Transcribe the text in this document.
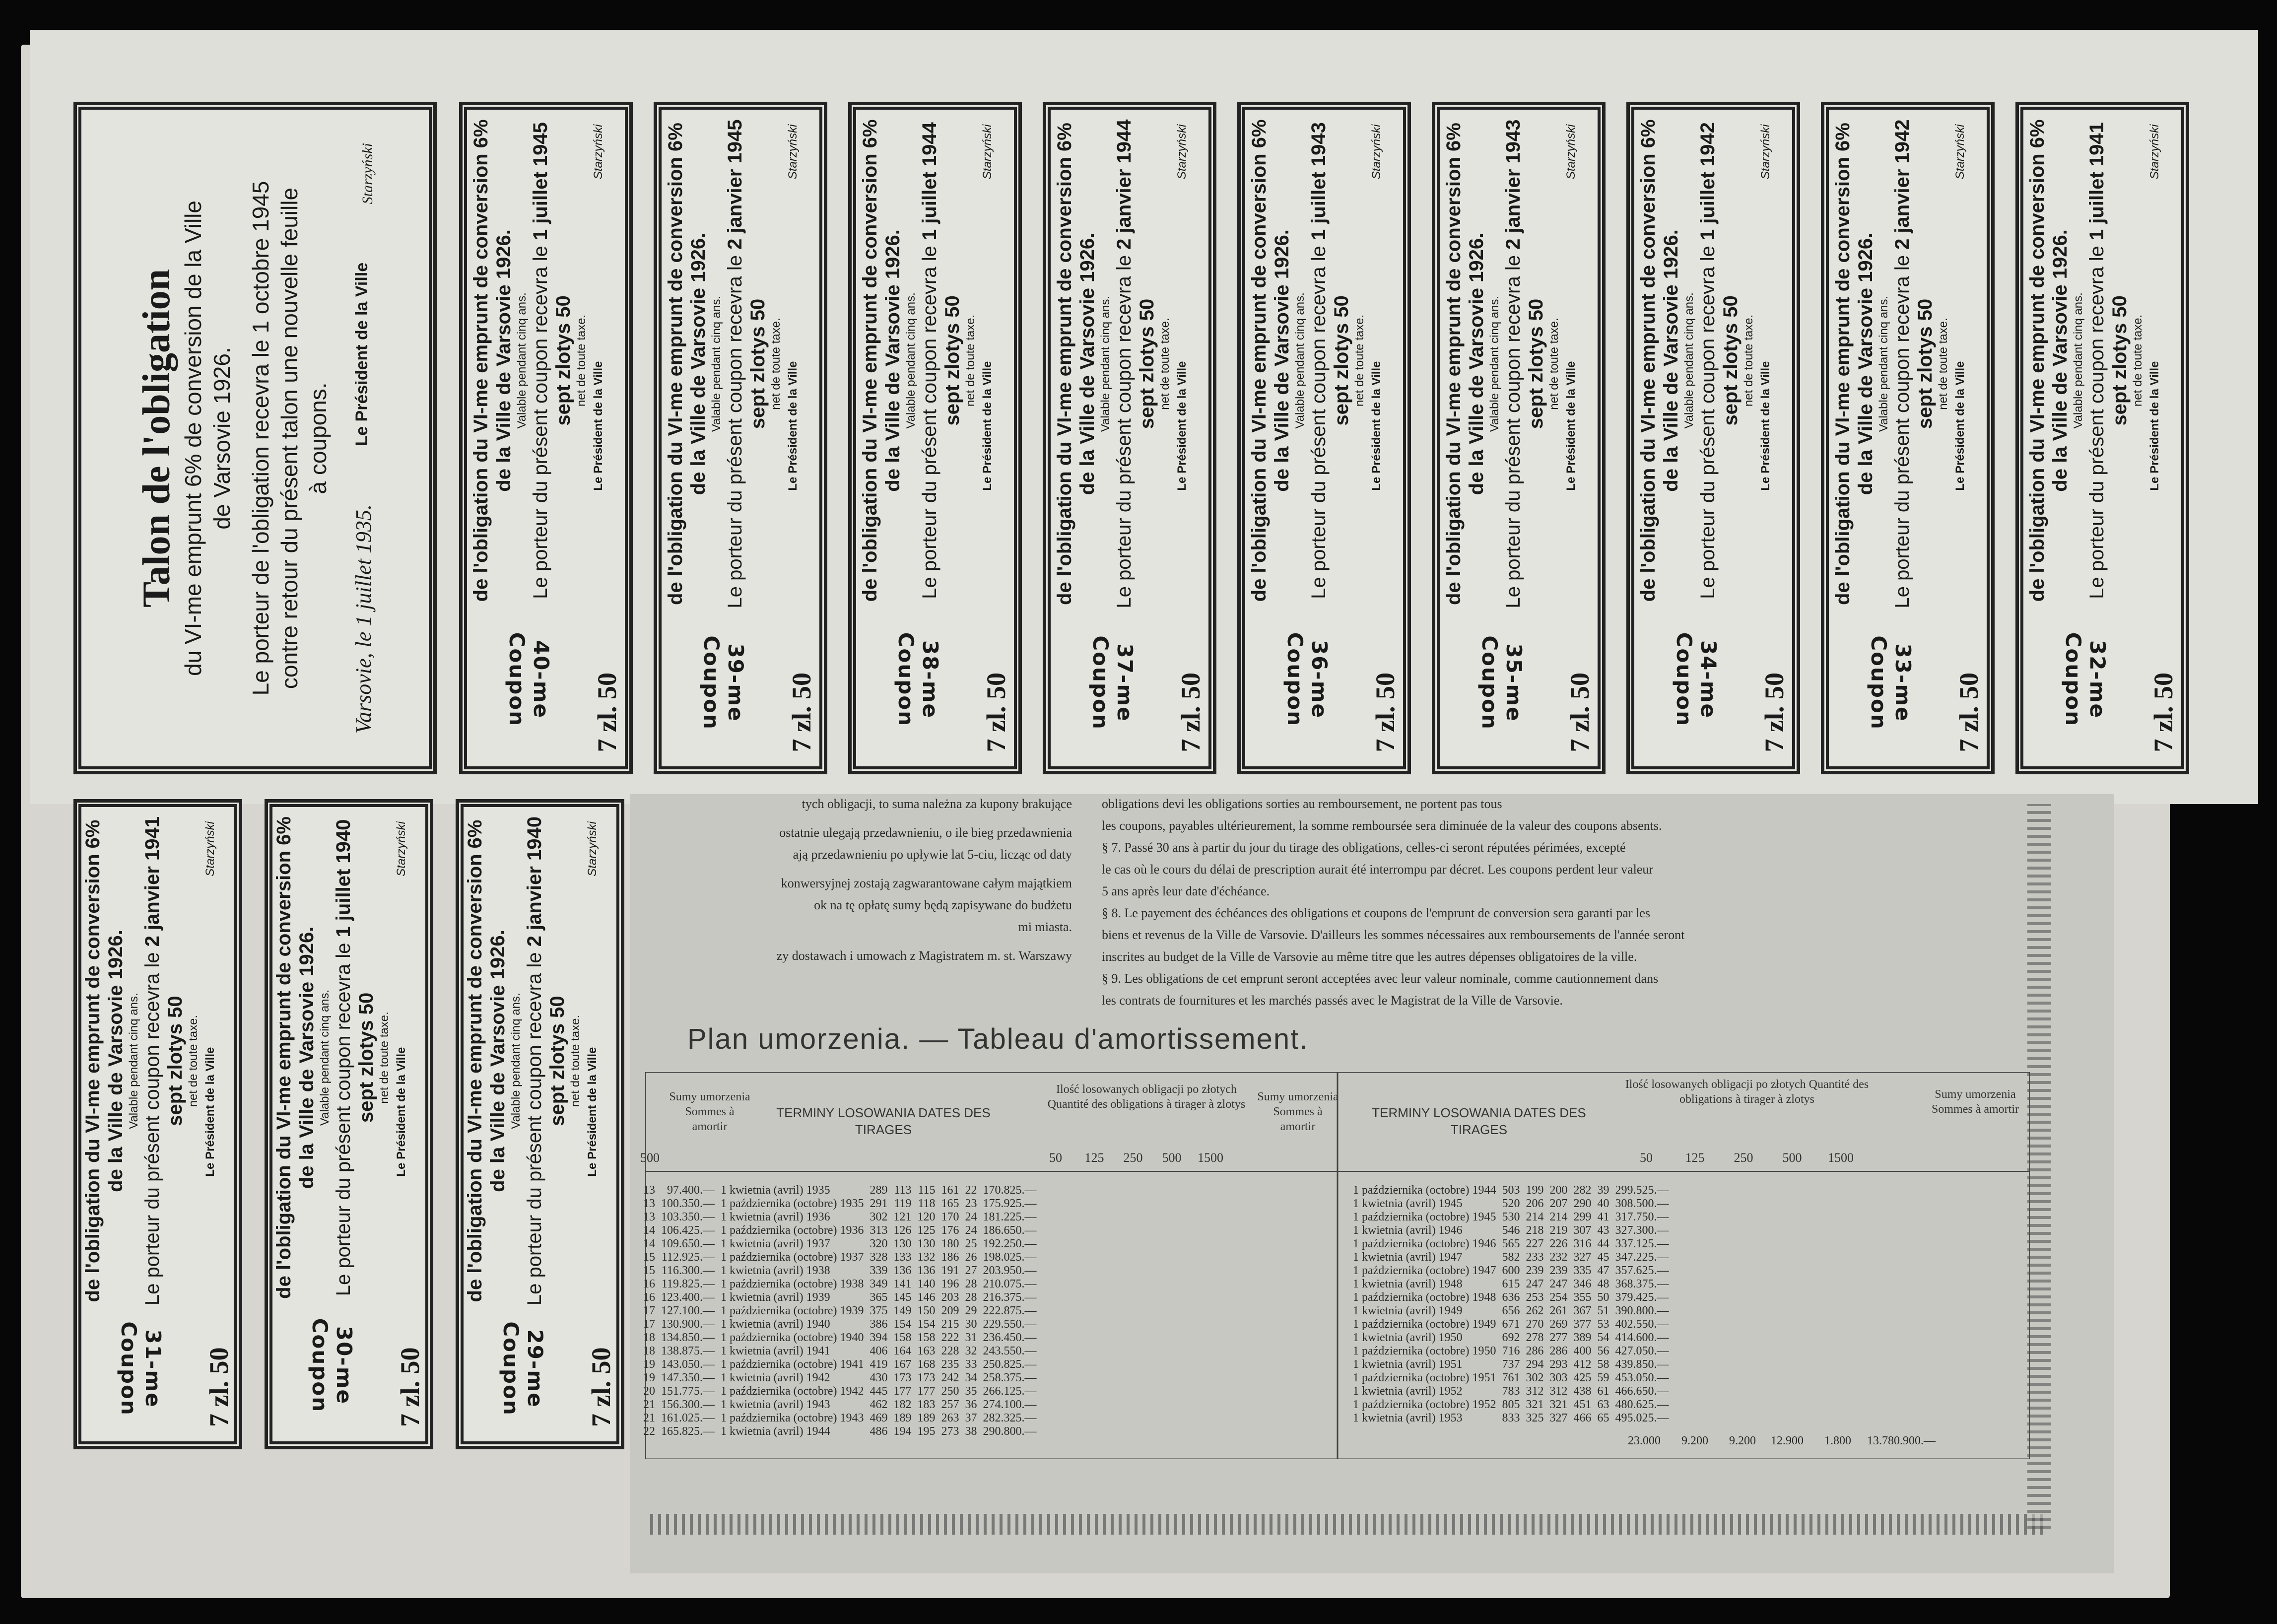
Talon de l'obligation du VI-me emprunt 6% de conversion de la Ville de Varsovie 1926. Le porteur de l'obligation recevra le 1 octobre 1945 contre retour du présent talon une nouvelle feuille à coupons.
Varsovie, le 1 juillet 1935.
Le Président de la Ville
Starzyński
40-me Coupon
de l'obligation du VI-me emprunt de conversion 6% de la Ville de Varsovie 1926. Valable pendant cinq ans. Le porteur du présent coupon recevra le 1 juillet 1945
sept zlotys 50 net de toute taxe.
7 zl. 50
Le Président de la Ville
Starzyński
39-me Coupon
de l'obligation du VI-me emprunt de conversion 6% de la Ville de Varsovie 1926. Valable pendant cinq ans. Le porteur du présent coupon recevra le 2 janvier 1945
sept zlotys 50 net de toute taxe.
7 zl. 50
Le Président de la Ville
Starzyński
38-me Coupon
de l'obligation du VI-me emprunt de conversion 6% de la Ville de Varsovie 1926. Valable pendant cinq ans. Le porteur du présent coupon recevra le 1 juillet 1944
sept zlotys 50 net de toute taxe.
7 zl. 50
Le Président de la Ville
Starzyński
37-me Coupon
de l'obligation du VI-me emprunt de conversion 6% de la Ville de Varsovie 1926. Valable pendant cinq ans. Le porteur du présent coupon recevra le 2 janvier 1944
sept zlotys 50 net de toute taxe.
7 zl. 50
Le Président de la Ville
Starzyński
36-me Coupon
de l'obligation du VI-me emprunt de conversion 6% de la Ville de Varsovie 1926. Valable pendant cinq ans. Le porteur du présent coupon recevra le 1 juillet 1943
sept zlotys 50 net de toute taxe.
7 zl. 50
Le Président de la Ville
Starzyński
35-me Coupon
de l'obligation du VI-me emprunt de conversion 6% de la Ville de Varsovie 1926. Valable pendant cinq ans. Le porteur du présent coupon recevra le 2 janvier 1943
sept zlotys 50 net de toute taxe.
7 zl. 50
Le Président de la Ville
Starzyński
34-me Coupon
de l'obligation du VI-me emprunt de conversion 6% de la Ville de Varsovie 1926. Valable pendant cinq ans. Le porteur du présent coupon recevra le 1 juillet 1942
sept zlotys 50 net de toute taxe.
7 zl. 50
Le Président de la Ville
Starzyński
33-me Coupon
de l'obligation du VI-me emprunt de conversion 6% de la Ville de Varsovie 1926. Valable pendant cinq ans. Le porteur du présent coupon recevra le 2 janvier 1942
sept zlotys 50 net de toute taxe.
7 zl. 50
Le Président de la Ville
Starzyński
32-me Coupon
de l'obligation du VI-me emprunt de conversion 6% de la Ville de Varsovie 1926. Valable pendant cinq ans. Le porteur du présent coupon recevra le 1 juillet 1941
sept zlotys 50 net de toute taxe.
7 zl. 50
Le Président de la Ville
Starzyński
31-me Coupon
de l'obligation du VI-me emprunt de conversion 6% de la Ville de Varsovie 1926. Valable pendant cinq ans. Le porteur du présent coupon recevra le 2 janvier 1941
sept zlotys 50 net de toute taxe.
7 zl. 50
Le Président de la Ville
Starzyński
30-me Coupon
de l'obligation du VI-me emprunt de conversion 6% de la Ville de Varsovie 1926. Valable pendant cinq ans. Le porteur du présent coupon recevra le 1 juillet 1940
sept zlotys 50 net de toute taxe.
7 zl. 50
Le Président de la Ville
Starzyński
29-me Coupon
de l'obligation du VI-me emprunt de conversion 6% de la Ville de Varsovie 1926. Valable pendant cinq ans. Le porteur du présent coupon recevra le 2 janvier 1940
sept zlotys 50 net de toute taxe.
7 zl. 50
Le Président de la Ville
Starzyński
obligations devi les obligations sorties au remboursement, ne portent pas tous
les coupons, payables ultérieurement, la somme remboursée sera diminuée de la valeur des coupons absents.
§ 7. Passé 30 ans à partir du jour du tirage des obligations, celles-ci seront réputées périmées, excepté
le cas où le cours du délai de prescription aurait été interrompu par décret. Les coupons perdent leur valeur
5 ans après leur date d'échéance.
§ 8. Le payement des échéances des obligations et coupons de l'emprunt de conversion sera garanti par les
biens et revenus de la Ville de Varsovie. D'ailleurs les sommes nécessaires aux remboursements de l'année seront
inscrites au budget de la Ville de Varsovie au même titre que les autres dépenses obligatoires de la ville.
§ 9. Les obligations de cet emprunt seront acceptées avec leur valeur nominale, comme cautionnement dans
les contrats de fournitures et les marchés passés avec le Magistrat de la Ville de Varsovie.
tych obligacji, to suma należna za kupony brakujące
ostatnie ulegają przedawnieniu, o ile bieg przedawnienia
ają przedawnieniu po upływie lat 5-ciu, licząc od daty
konwersyjnej zostają zagwarantowane całym majątkiem
ok na tę opłatę sumy będą zapisywane do budżetu
mi miasta.
zy dostawach i umowach z Magistratem m. st. Warszawy
Plan umorzenia. — Tableau d'amortissement.
Sumy umorzenia Sommes à amortir
TERMINY LOSOWANIA DATES DES TIRAGES
Ilość losowanych obligacji po złotych Quantité des obligations à tirager à zlotys
Sumy umorzenia Sommes à amortir
TERMINY LOSOWANIA DATES DES TIRAGES
Ilość losowanych obligacji po złotych Quantité des obligations à tirager à zlotys	Sumy umorzenia Sommes à amortir
50	125	250	500	1500	50	125	250	500	1500
500
13	97.400.—	1 kwietnia (avril) 1935	289	113	115	161	22	170.825.—
13	100.350.—	1 października (octobre) 1935	291	119	118	165	23	175.925.—
13	103.350.—	1 kwietnia (avril) 1936	302	121	120	170	24	181.225.—
14	106.425.—	1 października (octobre) 1936	313	126	125	176	24	186.650.—
14	109.650.—	1 kwietnia (avril) 1937	320	130	130	180	25	192.250.—
15	112.925.—	1 października (octobre) 1937	328	133	132	186	26	198.025.—
15	116.300.—	1 kwietnia (avril) 1938	339	136	136	191	27	203.950.—
16	119.825.—	1 października (octobre) 1938	349	141	140	196	28	210.075.—
16	123.400.—	1 kwietnia (avril) 1939	365	145	146	203	28	216.375.—
17	127.100.—	1 października (octobre) 1939	375	149	150	209	29	222.875.—
17	130.900.—	1 kwietnia (avril) 1940	386	154	154	215	30	229.550.—
18	134.850.—	1 października (octobre) 1940	394	158	158	222	31	236.450.—
18	138.875.—	1 kwietnia (avril) 1941	406	164	163	228	32	243.550.—
19	143.050.—	1 października (octobre) 1941	419	167	168	235	33	250.825.—
19	147.350.—	1 kwietnia (avril) 1942	430	173	173	242	34	258.375.—
20	151.775.—	1 października (octobre) 1942	445	177	177	250	35	266.125.—
21	156.300.—	1 kwietnia (avril) 1943	462	182	183	257	36	274.100.—
21	161.025.—	1 października (octobre) 1943	469	189	189	263	37	282.325.—
22	165.825.—	1 kwietnia (avril) 1944	486	194	195	273	38	290.800.—
1 października (octobre) 1944	503	199	200	282	39	299.525.—
1 kwietnia (avril) 1945	520	206	207	290	40	308.500.—
1 października (octobre) 1945	530	214	214	299	41	317.750.—
1 kwietnia (avril) 1946	546	218	219	307	43	327.300.—
1 października (octobre) 1946	565	227	226	316	44	337.125.—
1 kwietnia (avril) 1947	582	233	232	327	45	347.225.—
1 października (octobre) 1947	600	239	239	335	47	357.625.—
1 kwietnia (avril) 1948	615	247	247	346	48	368.375.—
1 października (octobre) 1948	636	253	254	355	50	379.425.—
1 kwietnia (avril) 1949	656	262	261	367	51	390.800.—
1 października (octobre) 1949	671	270	269	377	53	402.550.—
1 kwietnia (avril) 1950	692	278	277	389	54	414.600.—
1 października (octobre) 1950	716	286	286	400	56	427.050.—
1 kwietnia (avril) 1951	737	294	293	412	58	439.850.—
1 października (octobre) 1951	761	302	303	425	59	453.050.—
1 kwietnia (avril) 1952	783	312	312	438	61	466.650.—
1 października (octobre) 1952	805	321	321	451	63	480.625.—
1 kwietnia (avril) 1953	833	325	327	466	65	495.025.—
23.000	9.200	9.200	12.900	1.800	13.780.900.—
